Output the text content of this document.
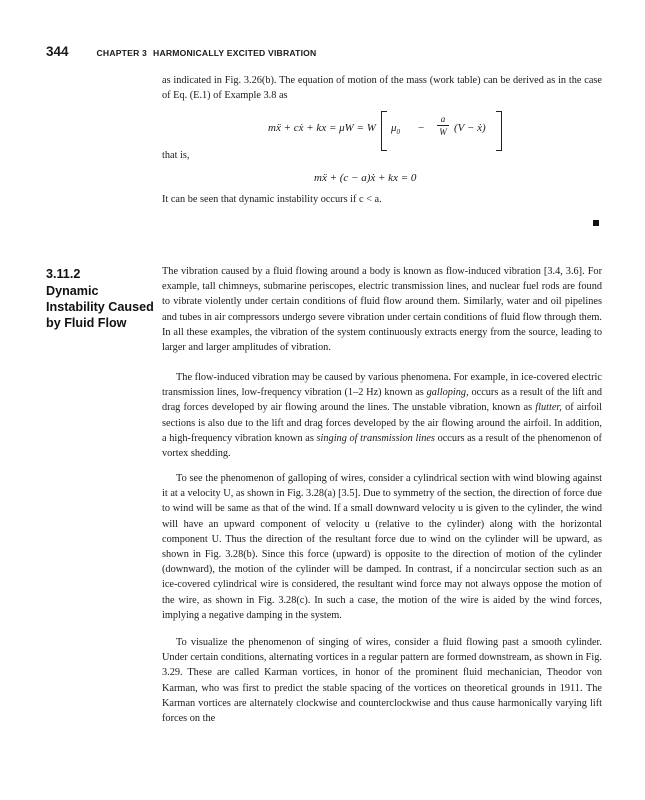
344	CHAPTER 3 HARMONICALLY EXCITED VIBRATION

as indicated in Fig. 3.26(b). The equation of motion of the mass (work table) can be derived as in the case of Eq. (E.1) of Example 3.8 as

mẍ + cẋ + kx = μW = W $\mu_0$ −
a
W (V − ẋ)

that is,

mẍ + (c − a)ẋ + kx = 0

It can be seen that dynamic instability occurs if c < a.

3.11.2
Dynamic Instability Caused by Fluid Flow

The vibration caused by a fluid flowing around a body is known as flow-induced vibration [3.4, 3.6]. For example, tall chimneys, submarine periscopes, electric transmission lines, and nuclear fuel rods are found to vibrate violently under certain conditions of fluid flow around them. Similarly, water and oil pipelines and tubes in air compressors undergo severe vibration under certain conditions of fluid flow through them. In all these examples, the vibration of the system continuously extracts energy from the source, leading to larger and larger amplitudes of vibration.

The flow-induced vibration may be caused by various phenomena. For example, in ice-covered electric transmission lines, low-frequency vibration (1–2 Hz) known as galloping, occurs as a result of the lift and drag forces developed by air flowing around the lines. The unstable vibration, known as flutter, of airfoil sections is also due to the lift and drag forces developed by the air flowing around the airfoil. In addition, a high-frequency vibration known as singing of transmission lines occurs as a result of the phenomenon of vortex shedding.

To see the phenomenon of galloping of wires, consider a cylindrical section with wind blowing against it at a velocity U, as shown in Fig. 3.28(a) [3.5]. Due to symmetry of the section, the direction of force due to wind will be same as that of the wind. If a small downward velocity u is given to the cylinder, the wind will have an upward component of velocity u (relative to the cylinder) along with the horizontal component U. Thus the direction of the resultant force due to wind on the cylinder will be upward, as shown in Fig. 3.28(b). Since this force (upward) is opposite to the direction of motion of the cylinder (downward), the motion of the cylinder will be damped. In contrast, if a noncircular section such as an ice-covered cylindrical wire is considered, the resultant wind force may not always oppose the motion of the wire, as shown in Fig. 3.28(c). In such a case, the motion of the wire is aided by the wind forces, implying a negative damping in the system.

To visualize the phenomenon of singing of wires, consider a fluid flowing past a smooth cylinder. Under certain conditions, alternating vortices in a regular pattern are formed downstream, as shown in Fig. 3.29. These are called Karman vortices, in honor of the prominent fluid mechanician, Theodor von Karman, who was first to predict the stable spacing of the vortices on theoretical grounds in 1911. The Karman vortices are alternately clockwise and counterclockwise and thus cause harmonically varying lift forces on the
